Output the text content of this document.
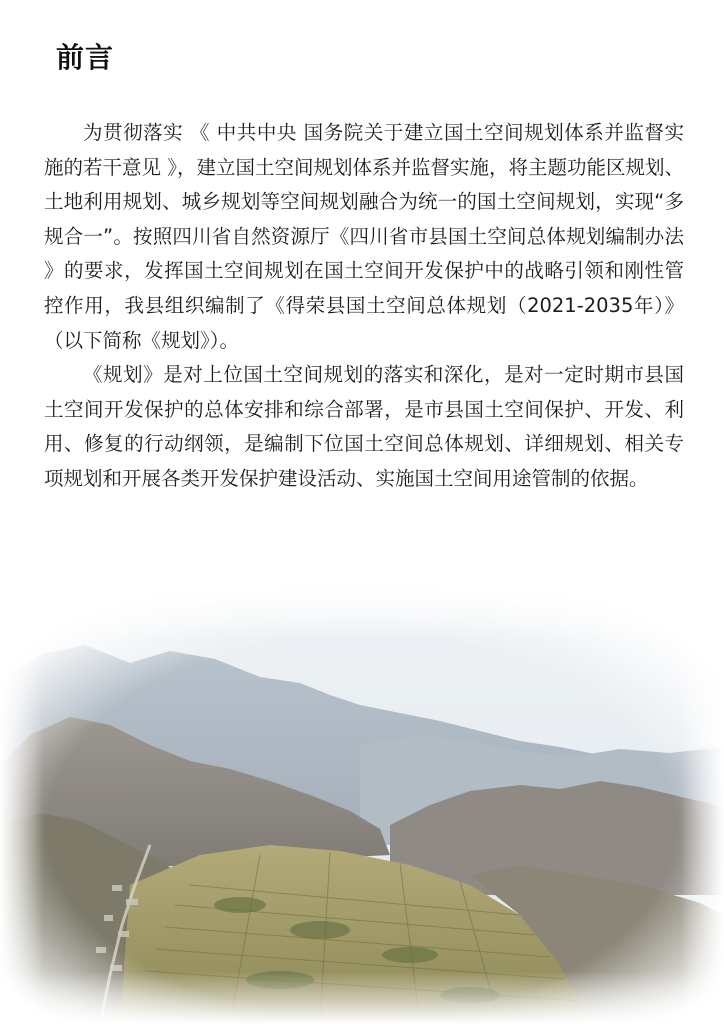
前言

为贯彻落实 《 中共中央 国务院关于建立国土空间规划体系并监督实施的若干意见 》，建立国土空间规划体系并监督实施，将主题功能区规划、土地利用规划、城乡规划等空间规划融合为统一的国土空间规划，实现“多规合一”。按照四川省自然资源厅《四川省市县国土空间总体规划编制办法 》的要求，发挥国土空间规划在国土空间开发保护中的战略引领和刚性管控作用，我县组织编制了《得荣县国土空间总体规划（2021-2035年）》（以下简称《规划》）。

《规划》是对上位国土空间规划的落实和深化，是对一定时期市县国土空间开发保护的总体安排和综合部署，是市县国土空间保护、开发、利用、修复的行动纲领，是编制下位国土空间总体规划、详细规划、相关专项规划和开展各类开发保护建设活动、实施国土空间用途管制的依据。
